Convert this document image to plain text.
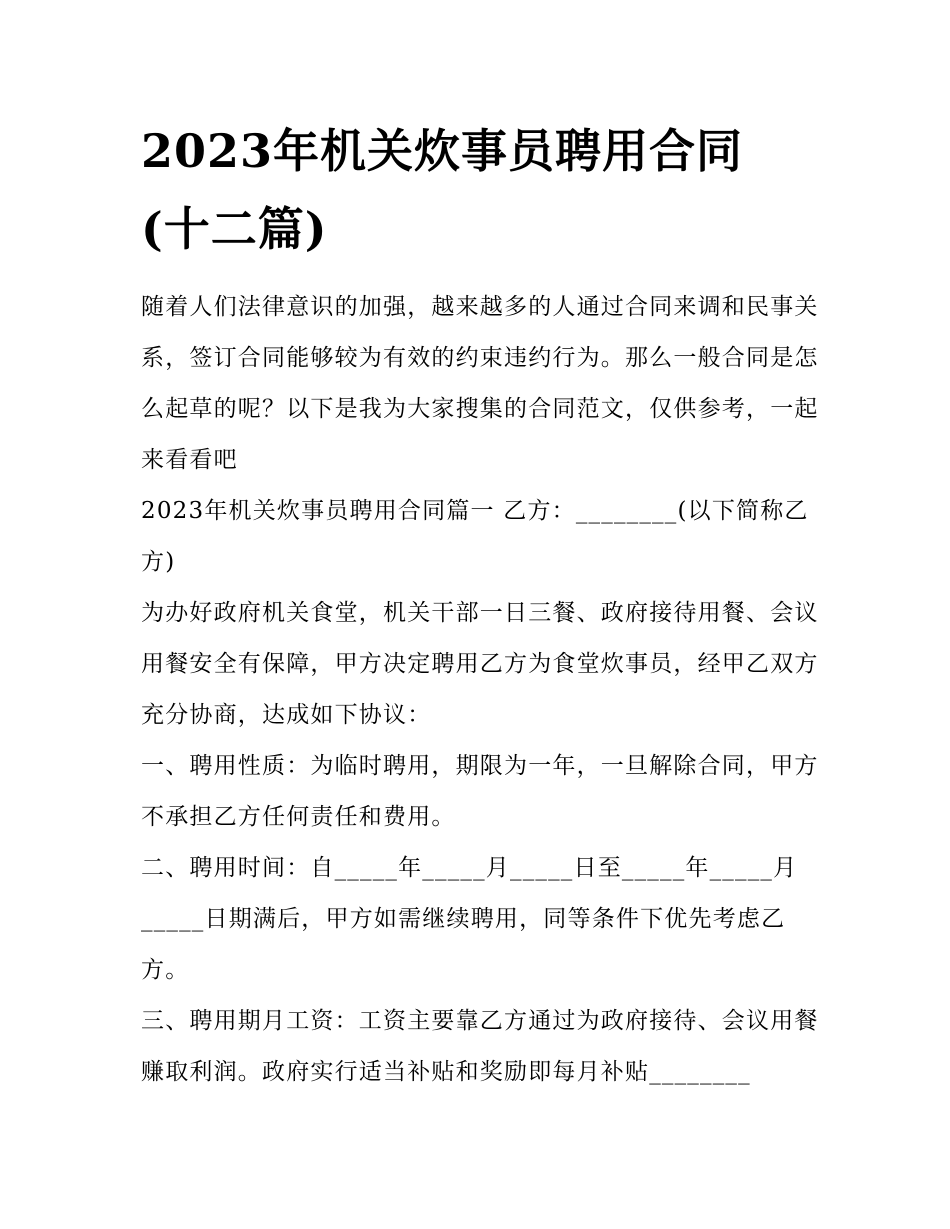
2023年机关炊事员聘用合同
(十二篇)

随着人们法律意识的加强，越来越多的人通过合同来调和民事关系，签订合同能够较为有效的约束违约行为。那么一般合同是怎么起草的呢？以下是我为大家搜集的合同范文，仅供参考，一起来看看吧

2023年机关炊事员聘用合同篇一 乙方：________(以下简称乙方)

为办好政府机关食堂，机关干部一日三餐、政府接待用餐、会议用餐安全有保障，甲方决定聘用乙方为食堂炊事员，经甲乙双方充分协商，达成如下协议：

一、聘用性质：为临时聘用，期限为一年，一旦解除合同，甲方不承担乙方任何责任和费用。

二、聘用时间：自_____年_____月_____日至_____年_____月_____日期满后，甲方如需继续聘用，同等条件下优先考虑乙方。

三、聘用期月工资：工资主要靠乙方通过为政府接待、会议用餐赚取利润。政府实行适当补贴和奖励即每月补贴________
